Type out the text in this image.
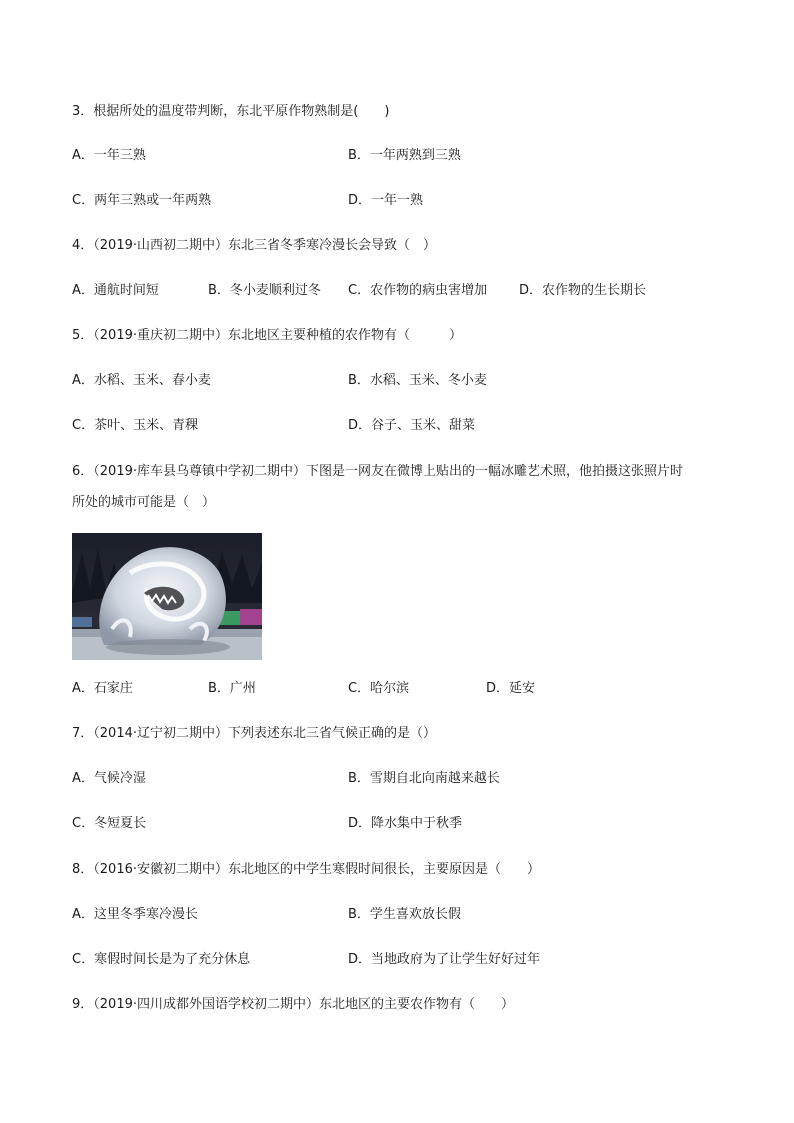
3．根据所处的温度带判断，东北平原作物熟制是(　　)
A．一年三熟	B．一年两熟到三熟
C．两年三熟或一年两熟	D．一年一熟
4．（2019·山西初二期中）东北三省冬季寒冷漫长会导致（　）
A．通航时间短	B．冬小麦顺利过冬 C．农作物的病虫害增加 D．农作物的生长期长
5．（2019·重庆初二期中）东北地区主要种植的农作物有（　　　）
A．水稻、玉米、春小麦	B．水稻、玉米、冬小麦
C．茶叶、玉米、青稞	D．谷子、玉米、甜菜
6．（2019·库车县乌尊镇中学初二期中）下图是一网友在微博上贴出的一幅冰雕艺术照，他拍摄这张照片时
所处的城市可能是（　）
A．石家庄	B．广州	C．哈尔滨	D．延安
7．（2014·辽宁初二期中）下列表述东北三省气候正确的是（）
A．气候冷湿	B．雪期自北向南越来越长
C．冬短夏长	D．降水集中于秋季
8．（2016·安徽初二期中）东北地区的中学生寒假时间很长，主要原因是（　　）
A．这里冬季寒冷漫长	B．学生喜欢放长假
C．寒假时间长是为了充分休息	D．当地政府为了让学生好好过年
9．（2019·四川成都外国语学校初二期中）东北地区的主要农作物有（　　）
